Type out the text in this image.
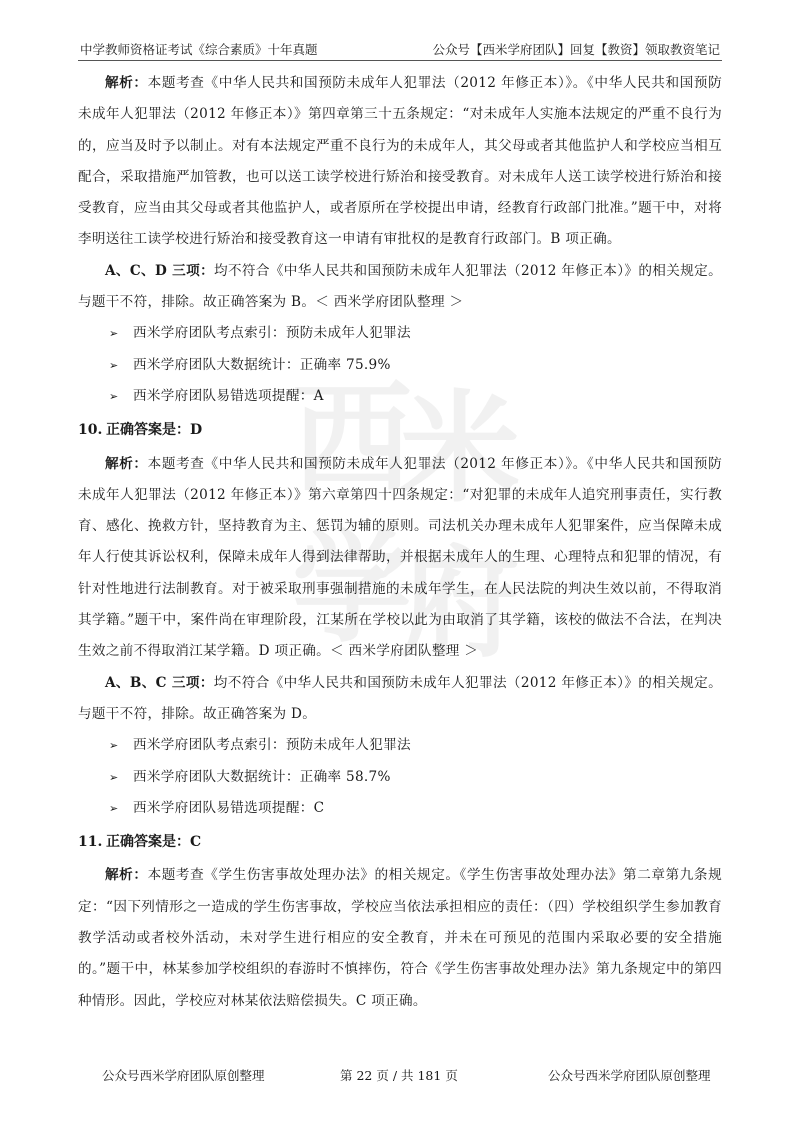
中学教师资格证考试《综合素质》十年真题	公众号【西米学府团队】回复【教资】领取教资笔记
西
米
学
府

解析：本题考查《中华人民共和国预防未成年人犯罪法（2012 年修正本）》。《中华人民共和国预防未成年人犯罪法（2012 年修正本）》第四章第三十五条规定：“对未成年人实施本法规定的严重不良行为的，应当及时予以制止。对有本法规定严重不良行为的未成年人，其父母或者其他监护人和学校应当相互配合，采取措施严加管教，也可以送工读学校进行矫治和接受教育。对未成年人送工读学校进行矫治和接受教育，应当由其父母或者其他监护人，或者原所在学校提出申请，经教育行政部门批准。”题干中，对将李明送往工读学校进行矫治和接受教育这一申请有审批权的是教育行政部门。B 项正确。

A、C、D 三项：均不符合《中华人民共和国预防未成年人犯罪法（2012 年修正本）》的相关规定。与题干不符，排除。故正确答案为 B。＜ 西米学府团队整理 ＞

➢ 西米学府团队考点索引：预防未成年人犯罪法
➢ 西米学府团队大数据统计：正确率 75.9%
➢ 西米学府团队易错选项提醒：A
10. 正确答案是：D

解析：本题考查《中华人民共和国预防未成年人犯罪法（2012 年修正本）》。《中华人民共和国预防未成年人犯罪法（2012 年修正本）》第六章第四十四条规定：“对犯罪的未成年人追究刑事责任，实行教育、感化、挽救方针，坚持教育为主、惩罚为辅的原则。司法机关办理未成年人犯罪案件，应当保障未成年人行使其诉讼权利，保障未成年人得到法律帮助，并根据未成年人的生理、心理特点和犯罪的情况，有针对性地进行法制教育。对于被采取刑事强制措施的未成年学生，在人民法院的判决生效以前，不得取消其学籍。”题干中，案件尚在审理阶段，江某所在学校以此为由取消了其学籍，该校的做法不合法，在判决生效之前不得取消江某学籍。D 项正确。＜ 西米学府团队整理 ＞

A、B、C 三项：均不符合《中华人民共和国预防未成年人犯罪法（2012 年修正本）》的相关规定。与题干不符，排除。故正确答案为 D。

➢ 西米学府团队考点索引：预防未成年人犯罪法
➢ 西米学府团队大数据统计：正确率 58.7%
➢ 西米学府团队易错选项提醒：C
11. 正确答案是：C

解析：本题考查《学生伤害事故处理办法》的相关规定。《学生伤害事故处理办法》第二章第九条规定：“因下列情形之一造成的学生伤害事故，学校应当依法承担相应的责任：（四）学校组织学生参加教育教学活动或者校外活动，未对学生进行相应的安全教育，并未在可预见的范围内采取必要的安全措施的。”题干中，林某参加学校组织的春游时不慎摔伤，符合《学生伤害事故处理办法》第九条规定中的第四种情形。因此，学校应对林某依法赔偿损失。C 项正确。

公众号西米学府团队原创整理	第 22 页 / 共 181 页	公众号西米学府团队原创整理
